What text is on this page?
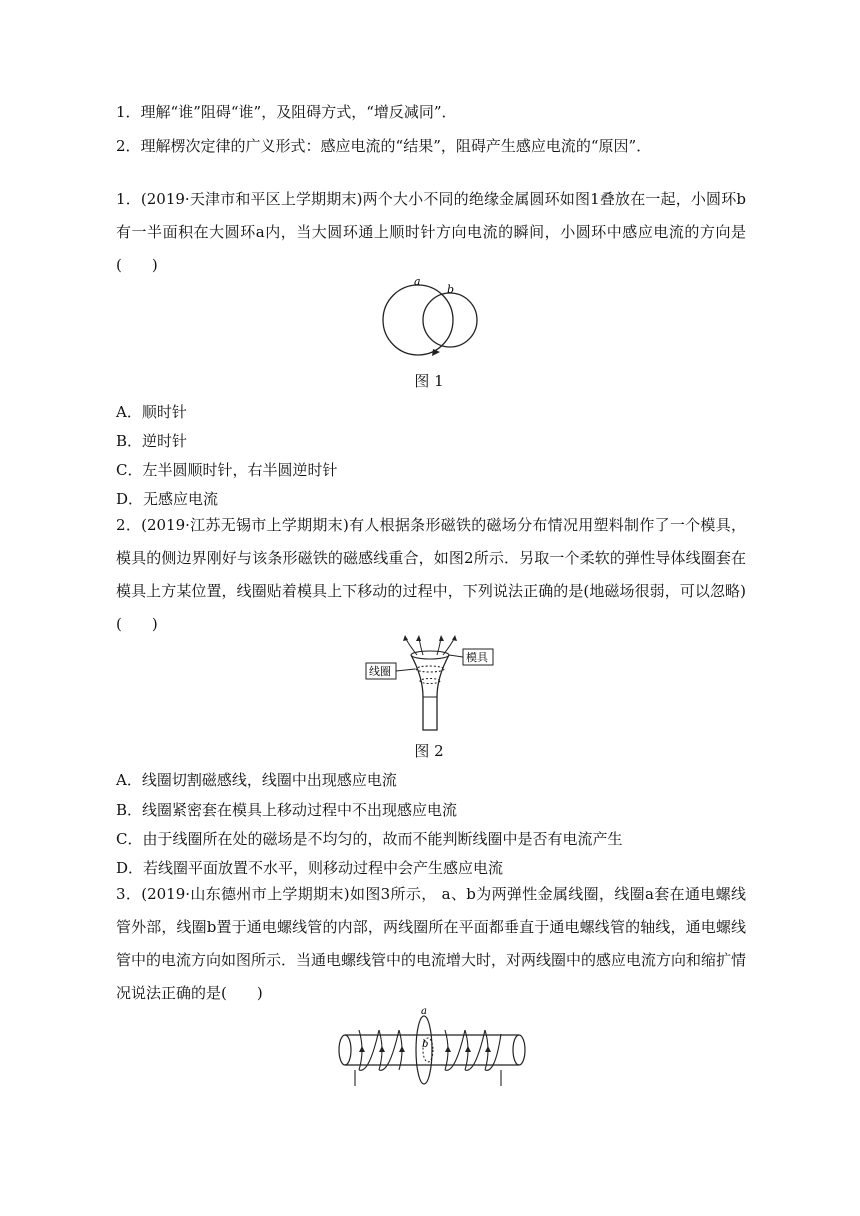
1．理解“谁”阻碍“谁”，及阻碍方式，“增反减同”．
2．理解楞次定律的广义形式：感应电流的“结果”，阻碍产生感应电流的“原因”．
1．(2019·天津市和平区上学期期末)两个大小不同的绝缘金属圆环如图1叠放在一起，小圆环b有一半面积在大圆环a内，当大圆环通上顺时针方向电流的瞬间，小圆环中感应电流的方向是(　　)
a
b
图 1
A．顺时针
B．逆时针
C．左半圆顺时针，右半圆逆时针
D．无感应电流
2．(2019·江苏无锡市上学期期末)有人根据条形磁铁的磁场分布情况用塑料制作了一个模具，模具的侧边界刚好与该条形磁铁的磁感线重合，如图2所示．另取一个柔软的弹性导体线圈套在模具上方某位置，线圈贴着模具上下移动的过程中，下列说法正确的是(地磁场很弱，可以忽略)(　　)
线圈
模具
图 2
A．线圈切割磁感线，线圈中出现感应电流
B．线圈紧密套在模具上移动过程中不出现感应电流
C．由于线圈所在处的磁场是不均匀的，故而不能判断线圈中是否有电流产生
D．若线圈平面放置不水平，则移动过程中会产生感应电流
3．(2019·山东德州市上学期期末)如图3所示， a、b为两弹性金属线圈，线圈a套在通电螺线管外部，线圈b置于通电螺线管的内部，两线圈所在平面都垂直于通电螺线管的轴线，通电螺线管中的电流方向如图所示．当通电螺线管中的电流增大时，对两线圈中的感应电流方向和缩扩情况说法正确的是(　　)
a
b
